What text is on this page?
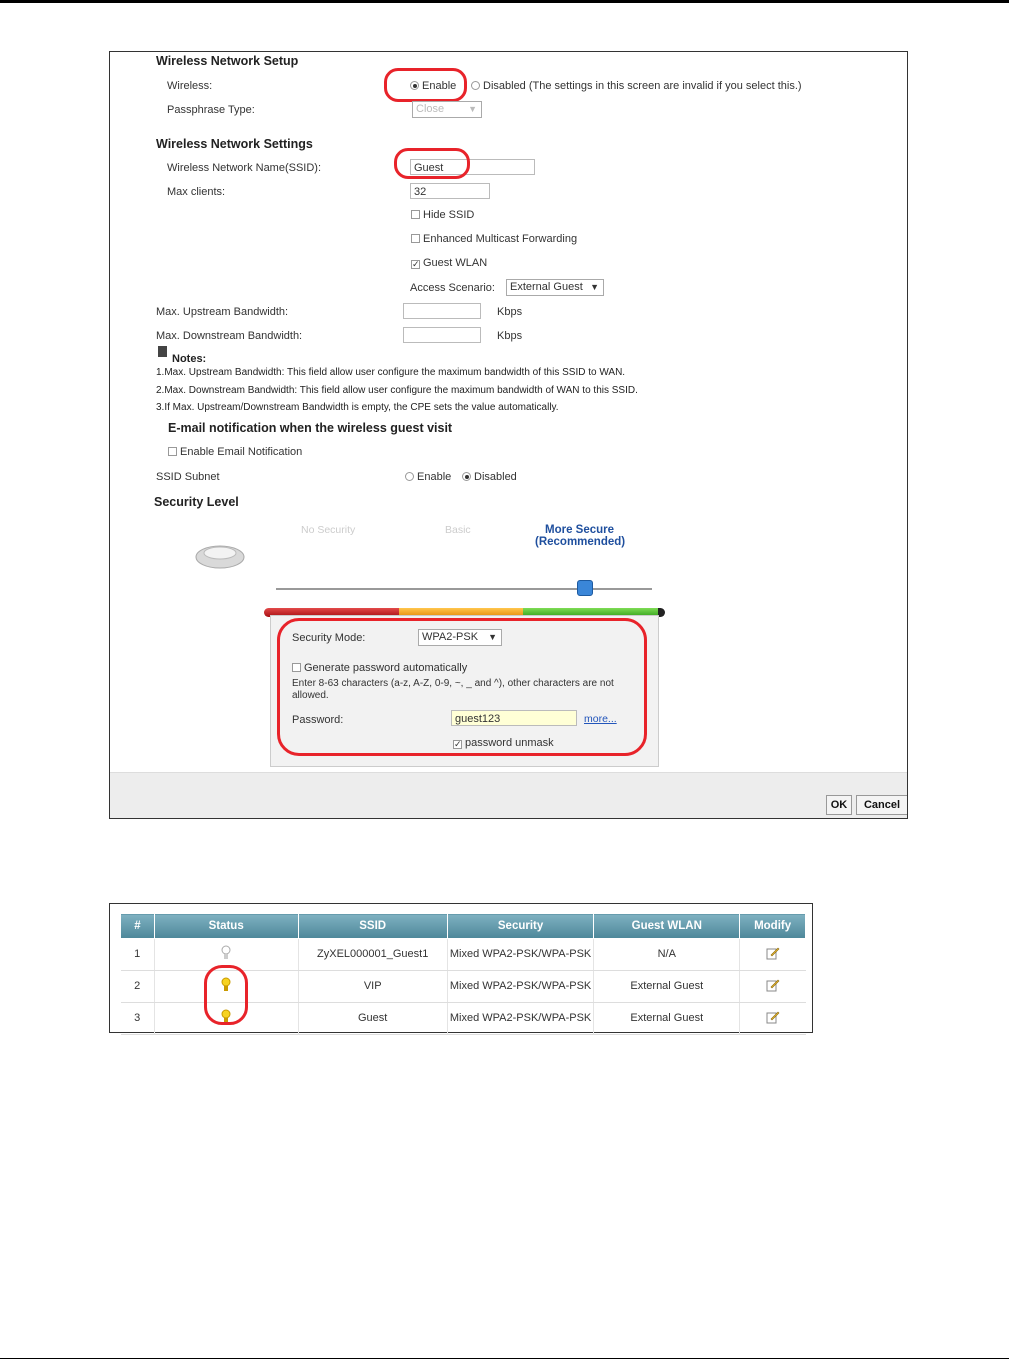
Wireless Network Setup
Wireless:	Enable	Disabled (The settings in this screen are invalid if you select this.)
Passphrase Type:	Close	▼
Wireless Network Settings
Wireless Network Name(SSID):	Guest
Max clients:	32
Hide SSID
Enhanced Multicast Forwarding
✓ Guest WLAN
Access Scenario:	External Guest ▼
Max. Upstream Bandwidth:	Kbps
Max. Downstream Bandwidth:	Kbps
Notes:
1.Max. Upstream Bandwidth: This field allow user configure the maximum bandwidth of this SSID to WAN.
2.Max. Downstream Bandwidth: This field allow user configure the maximum bandwidth of WAN to this SSID.
3.If Max. Upstream/Downstream Bandwidth is empty, the CPE sets the value automatically.
E-mail notification when the wireless guest visit
Enable Email Notification
SSID Subnet	Enable	Disabled
Security Level
No Security	Basic	More Secure
(Recommended)
Security Mode:	WPA2-PSK ▼
Generate password automatically
Enter 8-63 characters (a-z, A-Z, 0-9, ~, _ and ^), other characters are not allowed.
Password:	guest123	more...
✓ password unmask
OK	Cancel
#	Status	SSID	Security	Guest WLAN	Modify
1		ZyXEL000001_Guest1	Mixed WPA2-PSK/WPA-PSK	N/A	
2		VIP	Mixed WPA2-PSK/WPA-PSK	External Guest	
3		Guest	Mixed WPA2-PSK/WPA-PSK	External Guest	
